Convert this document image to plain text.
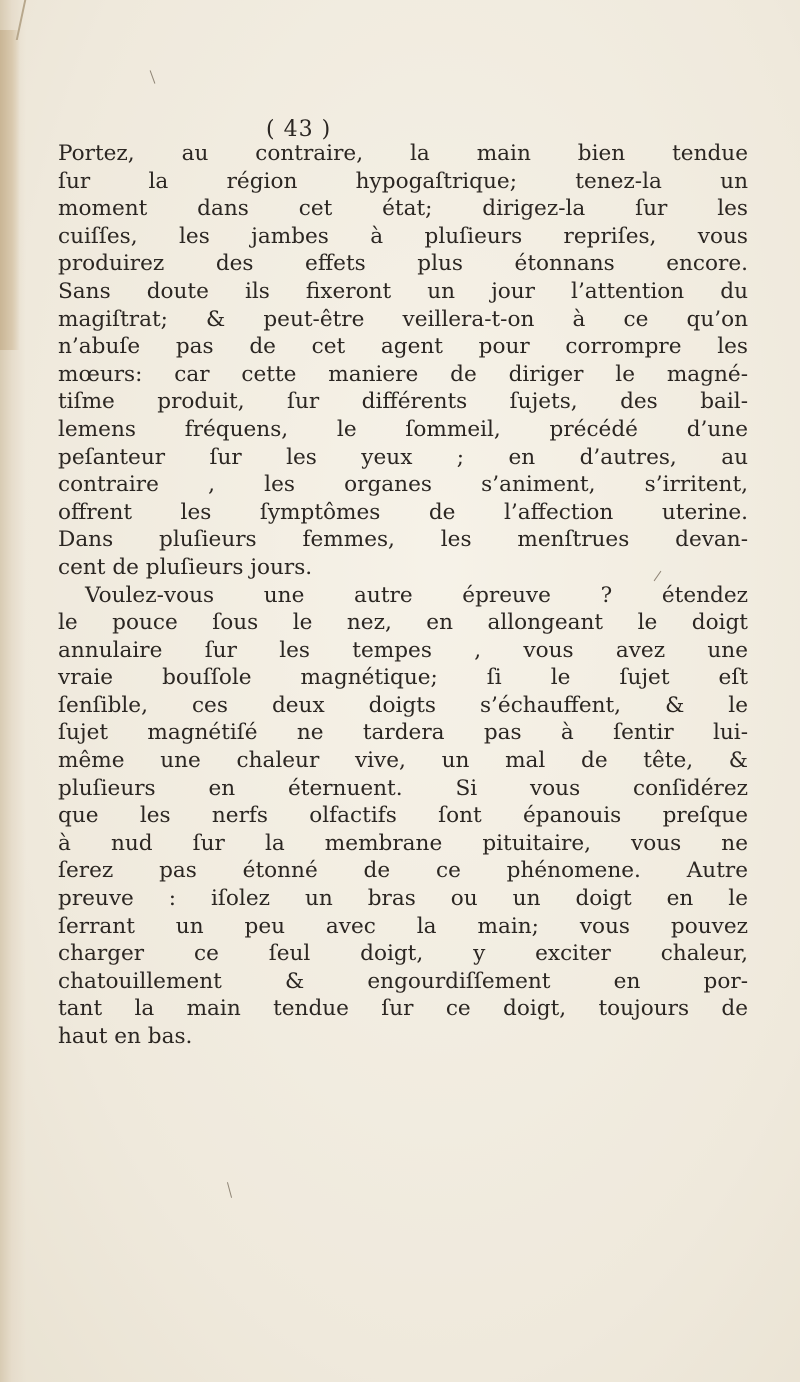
( 43 )
Portez, au contraire, la main bien tendue
ſur la région hypogaſtrique; tenez-la un
moment dans cet état; dirigez-la ſur les
cuiſſes, les jambes à pluſieurs repriſes, vous
produirez des effets plus étonnans encore.
Sans doute ils fixeront un jour l’attention du
magiſtrat; & peut-être veillera-t-on à ce qu’on
n’abuſe pas de cet agent pour corrompre les
mœurs: car cette maniere de diriger le magné-
tiſme produit, ſur différents ſujets, des bail-
lemens fréquens, le ſommeil, précédé d’une
peſanteur ſur les yeux ; en d’autres, au
contraire , les organes s’animent, s’irritent,
offrent les ſymptômes de l’affection uterine.
Dans pluſieurs femmes, les menſtrues devan-
cent de pluſieurs jours.
Voulez-vous une autre épreuve ? étendez
le pouce ſous le nez, en allongeant le doigt
annulaire ſur les tempes , vous avez une
vraie bouſſole magnétique; ſi le ſujet eſt
ſenſible, ces deux doigts s’échauffent, & le
ſujet magnétiſé ne tardera pas à ſentir lui-
même une chaleur vive, un mal de tête, &
pluſieurs en éternuent. Si vous conſidérez
que les nerfs olfactifs ſont épanouis preſque
à nud ſur la membrane pituitaire, vous ne
ſerez pas étonné de ce phénomene. Autre
preuve : iſolez un bras ou un doigt en le
ſerrant un peu avec la main; vous pouvez
charger ce ſeul doigt, y exciter chaleur,
chatouillement & engourdiſſement en por-
tant la main tendue ſur ce doigt, toujours de
haut en bas.
